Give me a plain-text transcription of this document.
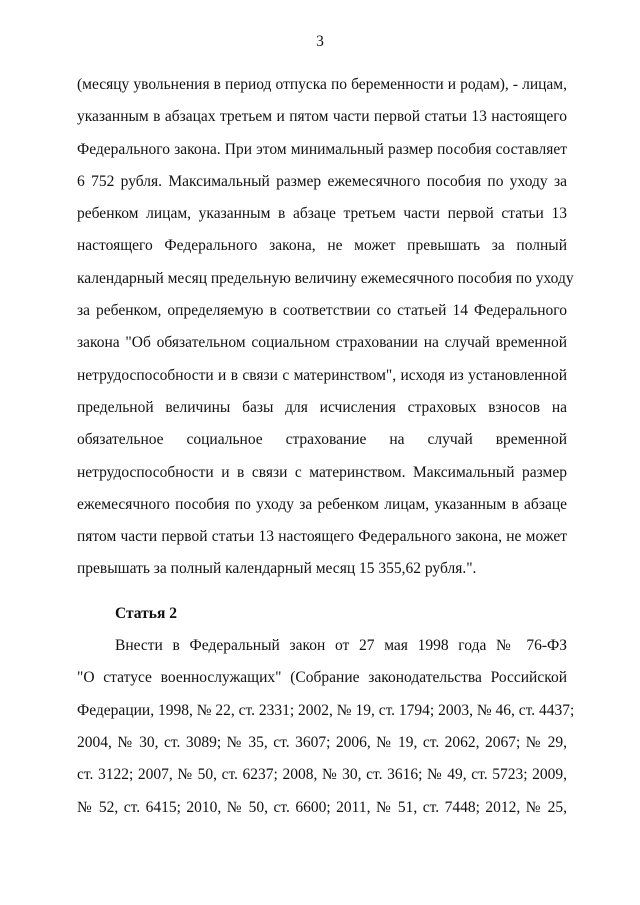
3
(месяцу увольнения в период отпуска по беременности и родам), - лицам,
указанным в абзацах третьем и пятом части первой статьи 13 настоящего
Федерального закона. При этом минимальный размер пособия составляет
6 752 рубля. Максимальный размер ежемесячного пособия по уходу за
ребенком лицам, указанным в абзаце третьем части первой статьи 13
настоящего Федерального закона, не может превышать за полный
календарный месяц предельную величину ежемесячного пособия по уходу
за ребенком, определяемую в соответствии со статьей 14 Федерального
закона "Об обязательном социальном страховании на случай временной
нетрудоспособности и в связи с материнством", исходя из установленной
предельной величины базы для исчисления страховых взносов на
обязательное социальное страхование на случай временной
нетрудоспособности и в связи с материнством. Максимальный размер
ежемесячного пособия по уходу за ребенком лицам, указанным в абзаце
пятом части первой статьи 13 настоящего Федерального закона, не может
превышать за полный календарный месяц 15 355,62 рубля.".
Статья 2
Внести в Федеральный закон от 27 мая 1998 года № 76-ФЗ
"О статусе военнослужащих" (Собрание законодательства Российской
Федерации, 1998, № 22, ст. 2331; 2002, № 19, ст. 1794; 2003, № 46, ст. 4437;
2004, № 30, ст. 3089; № 35, ст. 3607; 2006, № 19, ст. 2062, 2067; № 29,
ст. 3122; 2007, № 50, ст. 6237; 2008, № 30, ст. 3616; № 49, ст. 5723; 2009,
№ 52, ст. 6415; 2010, № 50, ст. 6600; 2011, № 51, ст. 7448; 2012, № 25,
